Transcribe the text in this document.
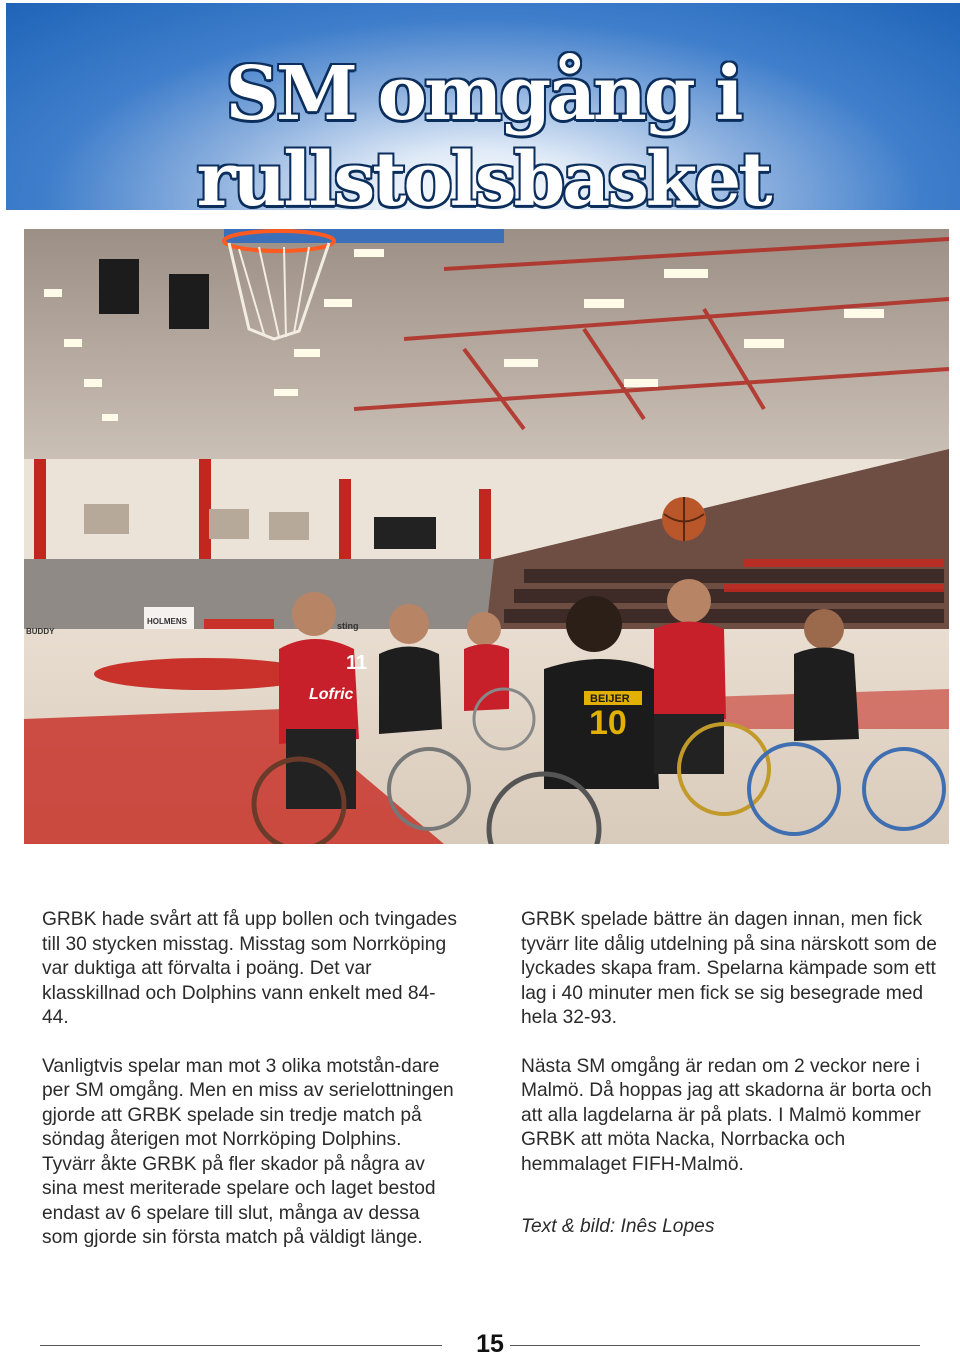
SM omgång i rullstolsbasket
11
10
Lofric	BEIJER
HOLMENS
BUDDY
sting

GRBK hade svårt att få upp bollen och tvingades till 30 stycken misstag. Misstag som Norrköping var duktiga att förvalta i poäng. Det var klasskillnad och Dolphins vann enkelt med 84-44.

Vanligtvis spelar man mot 3 olika motstån-dare per SM omgång. Men en miss av serielottningen gjorde att GRBK spelade sin tredje match på söndag återigen mot Norrköping Dolphins. Tyvärr åkte GRBK på fler skador på några av sina mest meriterade spelare och laget bestod endast av 6 spelare till slut, många av dessa som gjorde sin första match på väldigt länge.

GRBK spelade bättre än dagen innan, men fick tyvärr lite dålig utdelning på sina närskott som de lyckades skapa fram. Spelarna kämpade som ett lag i 40 minuter men fick se sig besegrade med hela 32-93.

Nästa SM omgång är redan om 2 veckor nere i Malmö. Då hoppas jag att skadorna är borta och att alla lagdelarna är på plats. I Malmö kommer GRBK att möta Nacka, Norrbacka och hemmalaget FIFH-Malmö.

Text & bild: Inês Lopes

15
